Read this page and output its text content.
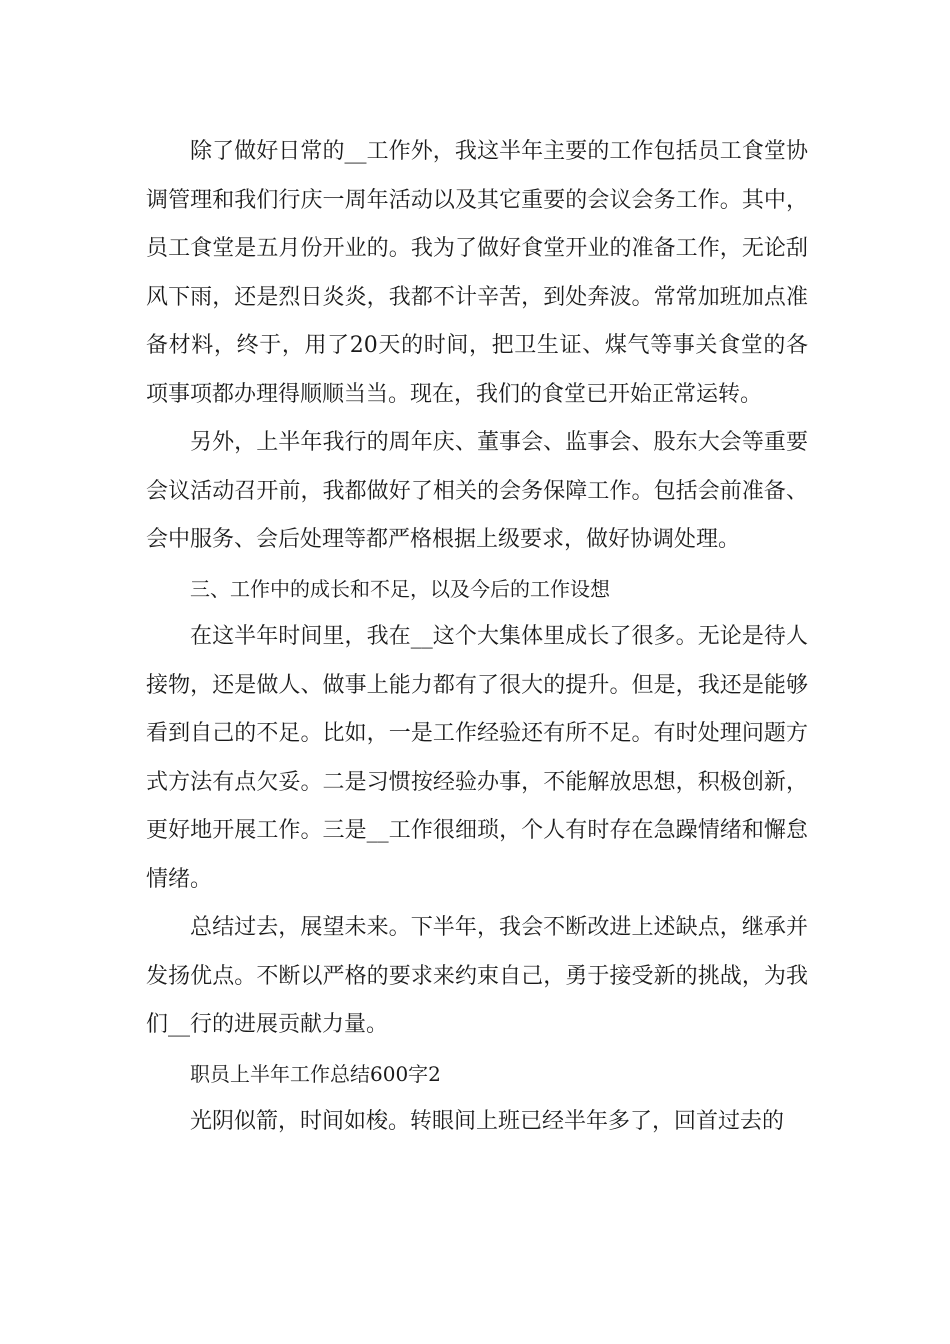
除了做好日常的__工作外，我这半年主要的工作包括员工食堂协调管理和我们行庆一周年活动以及其它重要的会议会务工作。其中，员工食堂是五月份开业的。我为了做好食堂开业的准备工作，无论刮风下雨，还是烈日炎炎，我都不计辛苦，到处奔波。常常加班加点准备材料，终于，用了20天的时间，把卫生证、煤气等事关食堂的各项事项都办理得顺顺当当。现在，我们的食堂已开始正常运转。

另外，上半年我行的周年庆、董事会、监事会、股东大会等重要会议活动召开前，我都做好了相关的会务保障工作。包括会前准备、会中服务、会后处理等都严格根据上级要求，做好协调处理。

三、工作中的成长和不足，以及今后的工作设想

在这半年时间里，我在__这个大集体里成长了很多。无论是待人接物，还是做人、做事上能力都有了很大的提升。但是，我还是能够看到自己的不足。比如，一是工作经验还有所不足。有时处理问题方式方法有点欠妥。二是习惯按经验办事，不能解放思想，积极创新，更好地开展工作。三是__工作很细琐，个人有时存在急躁情绪和懈怠情绪。

总结过去，展望未来。下半年，我会不断改进上述缺点，继承并发扬优点。不断以严格的要求来约束自己，勇于接受新的挑战，为我们__行的进展贡献力量。

职员上半年工作总结600字2

光阴似箭，时间如梭。转眼间上班已经半年多了，回首过去的
